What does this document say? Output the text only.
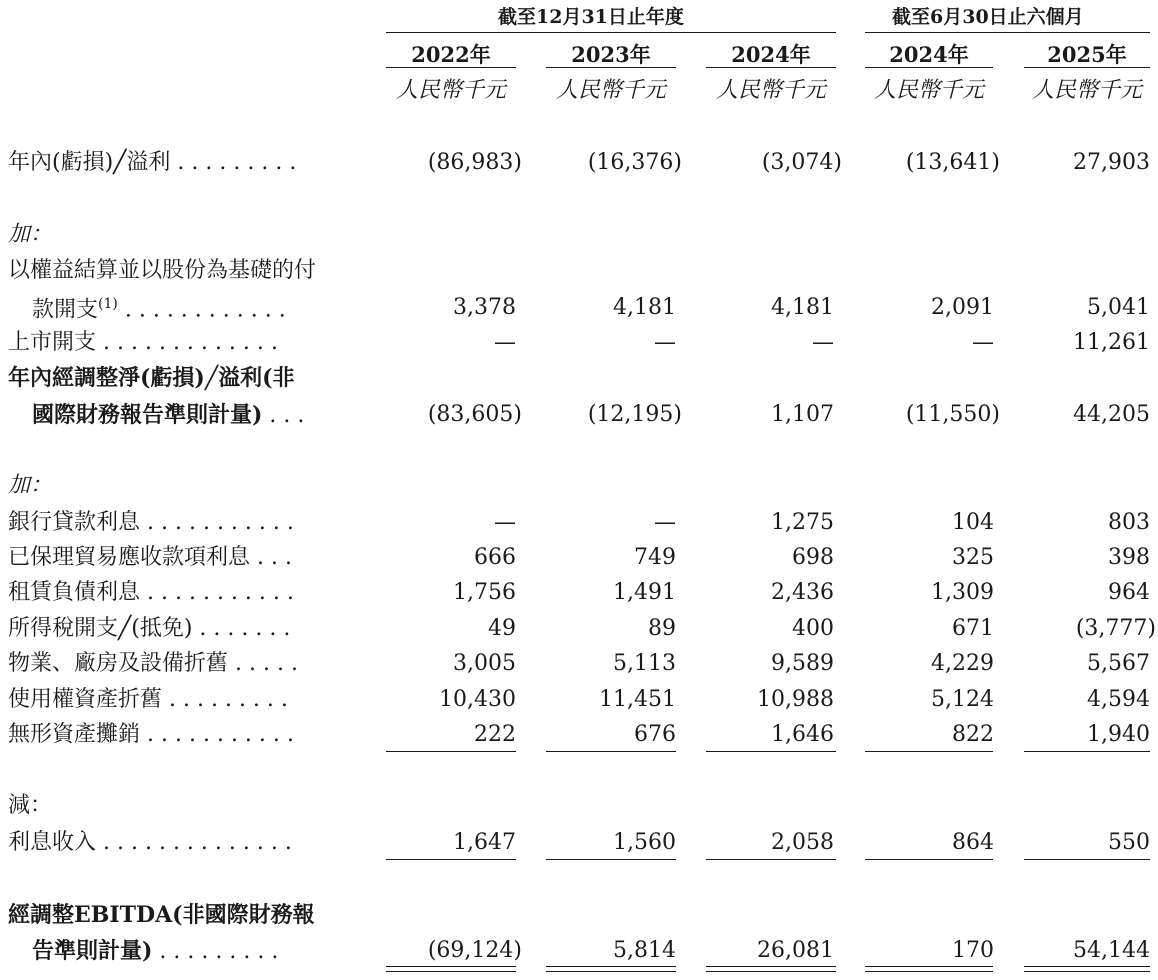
截至12月31日止年度	截至6月30日止六個月
2022年	2023年	2024年	2024年	2025年
人民幣千元	人民幣千元	人民幣千元	人民幣千元	人民幣千元
年內(虧損)╱溢利 . . . . . . . . .	(86,983)	(16,376)	(3,074)	(13,641)	27,903
加：
以權益結算並以股份為基礎的付
款開支$^{(1)}$ . . . . . . . . . . . .	3,378	4,181	4,181	2,091	5,041
上市開支 . . . . . . . . . . . . .	—	—	—	—	11,261
年內經調整淨(虧損)╱溢利(非
國際財務報告準則計量) . . .	(83,605)	(12,195)	1,107	(11,550)	44,205
加：
銀行貸款利息 . . . . . . . . . . .	—	—	1,275	104	803
已保理貿易應收款項利息 . . .	666	749	698	325	398
租賃負債利息 . . . . . . . . . . .	1,756	1,491	2,436	1,309	964
所得稅開支╱(抵免) . . . . . . .	49	89	400	671	(3,777)
物業、廠房及設備折舊 . . . . .	3,005	5,113	9,589	4,229	5,567
使用權資產折舊 . . . . . . . . .	10,430	11,451	10,988	5,124	4,594
無形資產攤銷 . . . . . . . . . . .	222	676	1,646	822	1,940
減：
利息收入 . . . . . . . . . . . . . .	1,647	1,560	2,058	864	550
經調整EBITDA(非國際財務報
告準則計量) . . . . . . . . .	(69,124)	5,814	26,081	170	54,144
